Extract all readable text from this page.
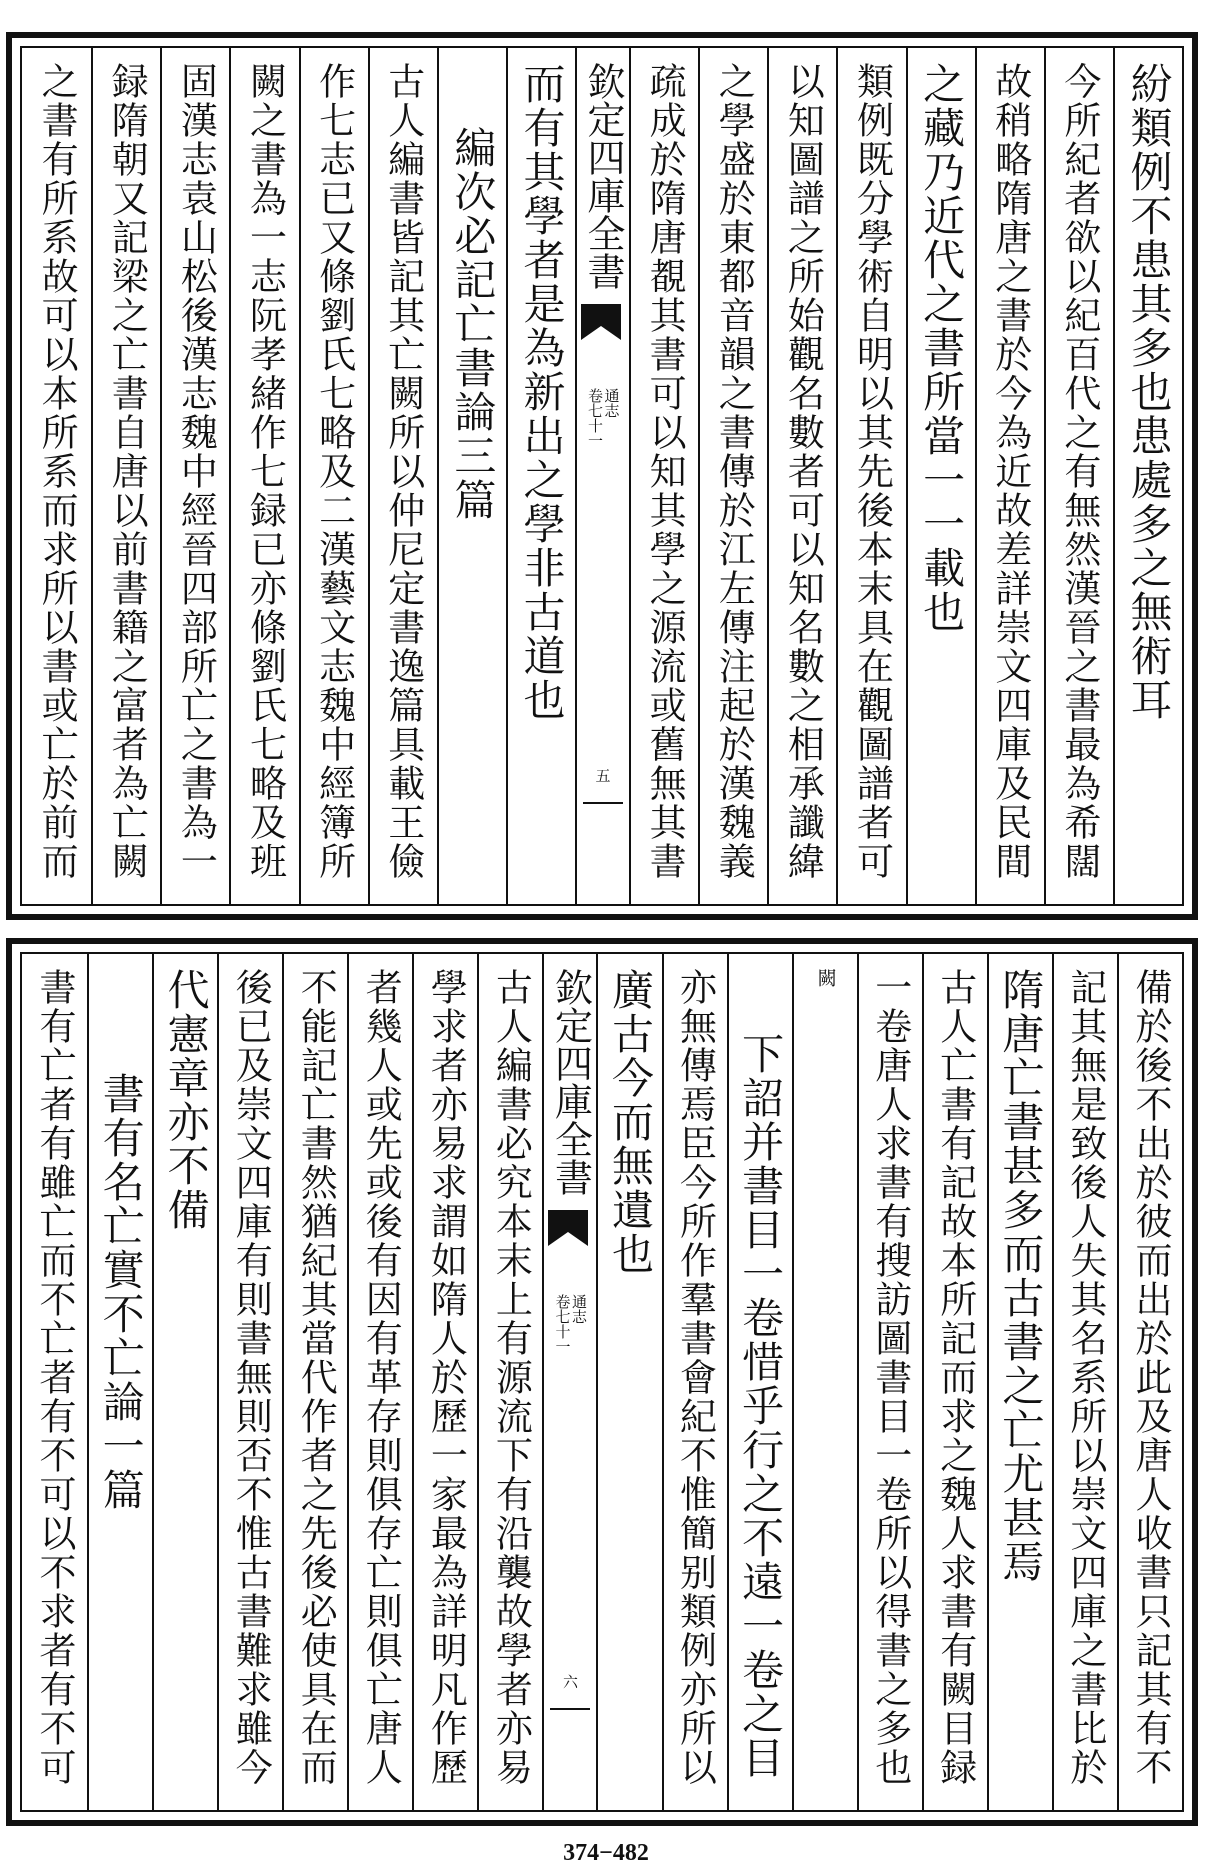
之書有所系故可以本所系而求所以書或亡於前而 録隋朝又記梁之亡書自唐以前書籍之富者為亡闕 固漢志袁山松後漢志魏中經晉四部所亡之書為一 闕之書為一志阮孝緒作七録已亦條劉氏七略及班 作七志已又條劉氏七略及二漢藝文志魏中經簿所 古人編書皆記其亡闕所以仲尼定書逸篇具載王儉 編次必記亡書論三篇 而有其學者是為新出之學非古道也 欽定四庫全書
通志
卷七十一
五 疏成於隋唐覩其書可以知其學之源流或舊無其書 之學盛於東都音韻之書傳於江左傳注起於漢魏義 以知圖譜之所始觀名數者可以知名數之相承讖緯 類例既分學術自明以其先後本末具在觀圖譜者可 之藏乃近代之書所當一一載也 故稍略隋唐之書於今為近故差詳崇文四庫及民間 今所紀者欲以紀百代之有無然漢晉之書最為希闊 紛類例不患其多也患處多之無術耳
書有亡者有雖亡而不亡者有不可以不求者有不可 書有名亡實不亡論一篇 代憲章亦不備 後已及崇文四庫有則書無則否不惟古書難求雖今 不能記亡書然猶紀其當代作者之先後必使具在而 者幾人或先或後有因有革存則俱存亡則俱亡唐人 學求者亦易求謂如隋人於歷一家最為詳明凡作歷 古人編書必究本末上有源流下有沿襲故學者亦易 欽定四庫全書
通志
卷七十一
六
廣古今而無遺也 亦無傳焉臣今所作羣書會紀不惟簡别類例亦所以 下詔并書目一卷惜乎行之不遠一卷之目
闕 一卷唐人求書有搜訪圖書目一卷所以得書之多也 古人亡書有記故本所記而求之魏人求書有闕目録 隋唐亡書甚多而古書之亡尤甚焉 記其無是致後人失其名系所以崇文四庫之書比於 備於後不出於彼而出於此及唐人收書只記其有不
374−482
